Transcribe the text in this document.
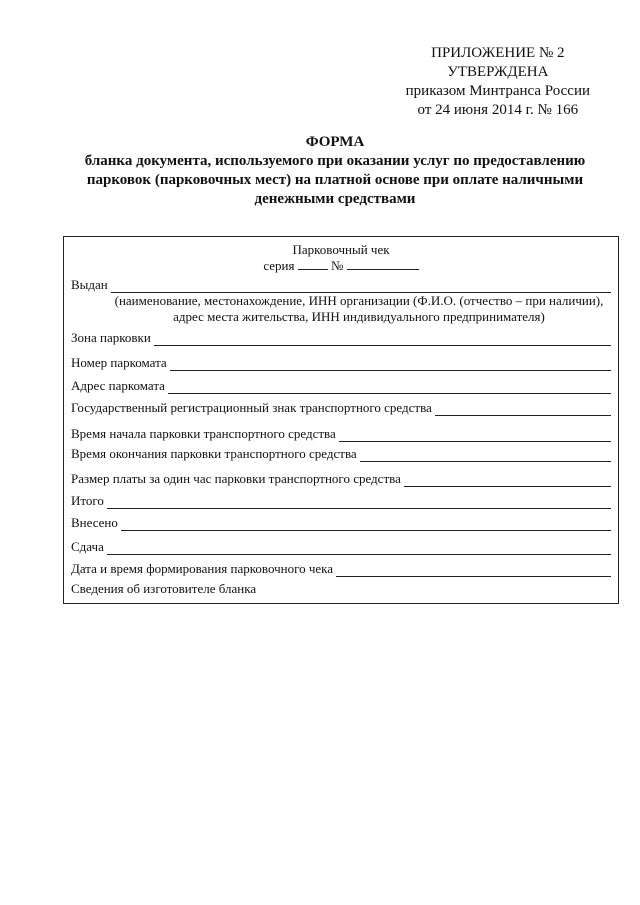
ПРИЛОЖЕНИЕ № 2
УТВЕРЖДЕНА
приказом Минтранса России
от 24 июня 2014 г. № 166
ФОРМА
бланка документа, используемого при оказании услуг по предоставлению
парковок (парковочных мест) на платной основе при оплате наличными
денежными средствами
Парковочный чек
серия	№
Выдан
(наименование, местонахождение, ИНН организации (Ф.И.О. (отчество – при наличии),
адрес места жительства, ИНН индивидуального предпринимателя)
Зона парковки
Номер паркомата
Адрес паркомата
Государственный регистрационный знак транспортного средства
Время начала парковки транспортного средства
Время окончания парковки транспортного средства
Размер платы за один час парковки транспортного средства
Итого
Внесено
Сдача
Дата и время формирования парковочного чека
Сведения об изготовителе бланка
